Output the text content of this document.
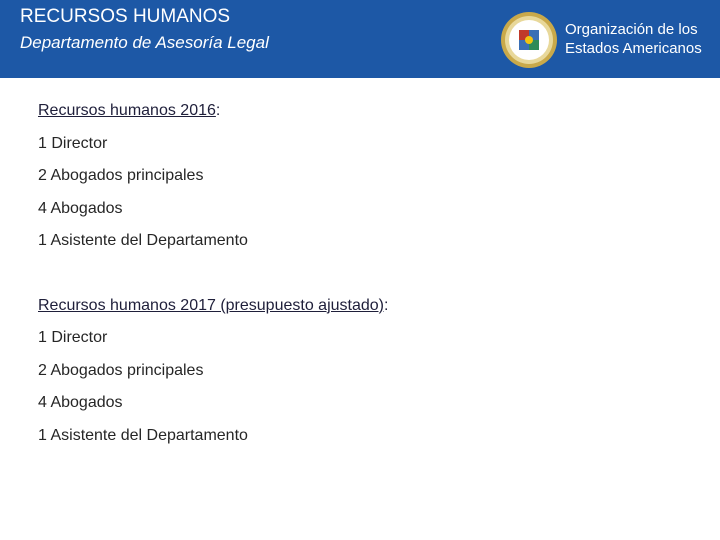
RECURSOS HUMANOS
Departamento de Asesoría Legal
Organización de los
Estados Americanos
Recursos humanos 2016:
1 Director
2 Abogados principales
4 Abogados
1 Asistente del Departamento
Recursos humanos 2017 (presupuesto ajustado):
1 Director
2 Abogados principales
4 Abogados
1 Asistente del Departamento
